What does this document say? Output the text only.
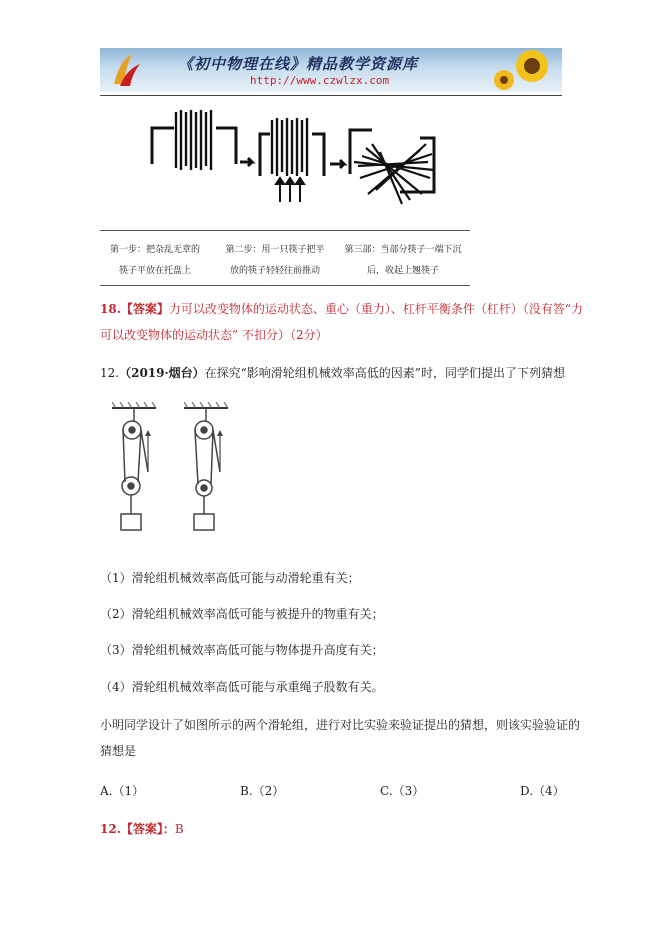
《初中物理在线》精品教学资源库
http://www.czwlzx.com
第一步：把杂乱无章的
筷子平放在托盘上
第二步：用一只筷子把平
放的筷子轻轻往前推动
第三部：当部分筷子一端下沉
后，收起上翘筷子
18.【答案】力可以改变物体的运动状态、重心（重力）、杠杆平衡条件（杠杆）（没有答“力
可以改变物体的运动状态” 不扣分）（2分）
12.（2019·烟台）在探究“影响滑轮组机械效率高低的因素”时，同学们提出了下列猜想
（1）滑轮组机械效率高低可能与动滑轮重有关；
（2）滑轮组机械效率高低可能与被提升的物重有关；
（3）滑轮组机械效率高低可能与物体提升高度有关；
（4）滑轮组机械效率高低可能与承重绳子股数有关。
小明同学设计了如图所示的两个滑轮组，进行对比实验来验证提出的猜想，则该实验验证的
猜想是
A.（1）	B.（2）	C.（3）	D.（4）
12.【答案】：B
